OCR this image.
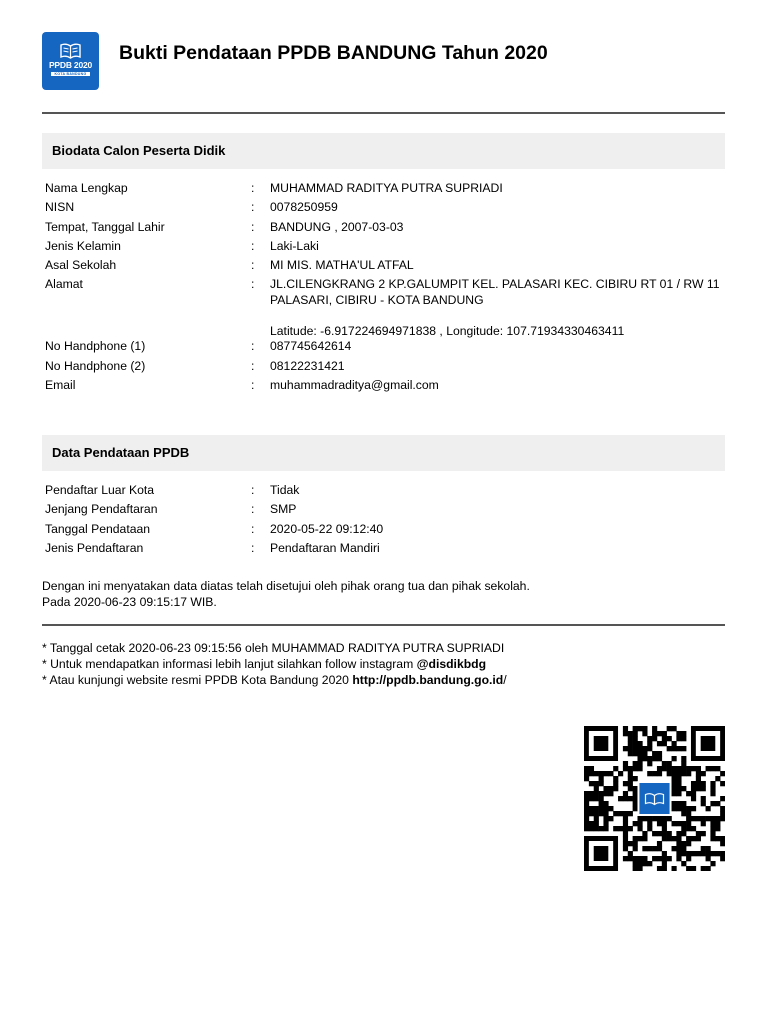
PPDB 2020
KOTA BANDUNG
Bukti Pendataan PPDB BANDUNG Tahun 2020
Biodata Calon Peserta Didik
Nama Lengkap	: MUHAMMAD RADITYA PUTRA SUPRIADI
NISN	: 0078250959
Tempat, Tanggal Lahir	: BANDUNG , 2007-03-03
Jenis Kelamin	: Laki-Laki
Asal Sekolah	: MI MIS. MATHA'UL ATFAL
Alamat	: JL.CILENGKRANG 2 KP.GALUMPIT KEL. PALASARI KEC. CIBIRU RT 01 / RW 11
PALASARI, CIBIRU - KOTA BANDUNG

Latitude: -6.917224694971838 , Longitude: 107.71934330463411
No Handphone (1)	: 087745642614
No Handphone (2)	: 08122231421
Email	: muhammadraditya@gmail.com
Data Pendataan PPDB
Pendaftar Luar Kota	: Tidak
Jenjang Pendaftaran	: SMP
Tanggal Pendataan	: 2020-05-22 09:12:40
Jenis Pendaftaran	: Pendaftaran Mandiri
Dengan ini menyatakan data diatas telah disetujui oleh pihak orang tua dan pihak sekolah.
Pada 2020-06-23 09:15:17 WIB.
* Tanggal cetak 2020-06-23 09:15:56 oleh MUHAMMAD RADITYA PUTRA SUPRIADI
* Untuk mendapatkan informasi lebih lanjut silahkan follow instagram @disdikbdg
* Atau kunjungi website resmi PPDB Kota Bandung 2020 http://ppdb.bandung.go.id/
